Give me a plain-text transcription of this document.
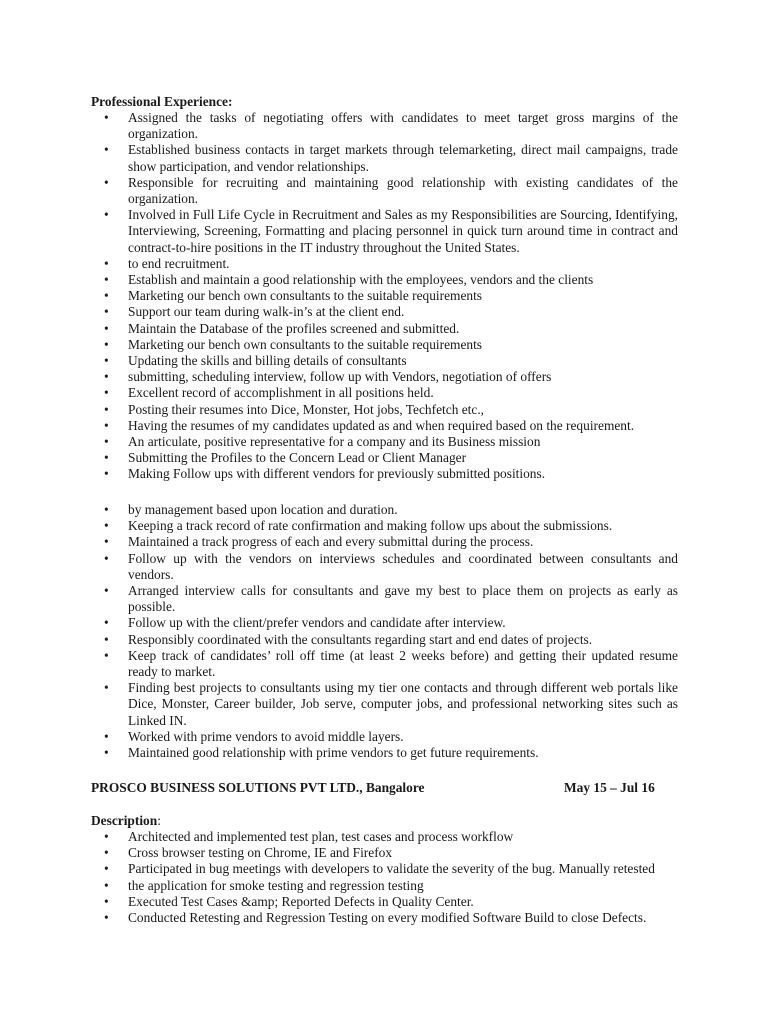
Professional Experience:
• Assigned the tasks of negotiating offers with candidates to meet target gross margins of the organization.
• Established business contacts in target markets through telemarketing, direct mail campaigns, trade show participation, and vendor relationships.
• Responsible for recruiting and maintaining good relationship with existing candidates of the organization.
• Involved in Full Life Cycle in Recruitment and Sales as my Responsibilities are Sourcing, Identifying, Interviewing, Screening, Formatting and placing personnel in quick turn around time in contract and contract-to-hire positions in the IT industry throughout the United States.
• to end recruitment.
• Establish and maintain a good relationship with the employees, vendors and the clients
• Marketing our bench own consultants to the suitable requirements
• Support our team during walk-in’s at the client end.
• Maintain the Database of the profiles screened and submitted.
• Marketing our bench own consultants to the suitable requirements
• Updating the skills and billing details of consultants
• submitting, scheduling interview, follow up with Vendors, negotiation of offers
• Excellent record of accomplishment in all positions held.
• Posting their resumes into Dice, Monster, Hot jobs, Techfetch etc.,
• Having the resumes of my candidates updated as and when required based on the requirement.
• An articulate, positive representative for a company and its Business mission
• Submitting the Profiles to the Concern Lead or Client Manager
• Making Follow ups with different vendors for previously submitted positions.
• by management based upon location and duration.
• Keeping a track record of rate confirmation and making follow ups about the submissions.
• Maintained a track progress of each and every submittal during the process.
• Follow up with the vendors on interviews schedules and coordinated between consultants and vendors.
• Arranged interview calls for consultants and gave my best to place them on projects as early as possible.
• Follow up with the client/prefer vendors and candidate after interview.
• Responsibly coordinated with the consultants regarding start and end dates of projects.
• Keep track of candidates’ roll off time (at least 2 weeks before) and getting their updated resume ready to market.
• Finding best projects to consultants using my tier one contacts and through different web portals like Dice, Monster, Career builder, Job serve, computer jobs, and professional networking sites such as Linked IN.
• Worked with prime vendors to avoid middle layers.
• Maintained good relationship with prime vendors to get future requirements.
PROSCO BUSINESS SOLUTIONS PVT LTD., Bangalore	May 15 – Jul 16
Description:
• Architected and implemented test plan, test cases and process workflow
• Cross browser testing on Chrome, IE and Firefox
• Participated in bug meetings with developers to validate the severity of the bug. Manually retested
• the application for smoke testing and regression testing
• Executed Test Cases &amp; Reported Defects in Quality Center.
• Conducted Retesting and Regression Testing on every modified Software Build to close Defects.
